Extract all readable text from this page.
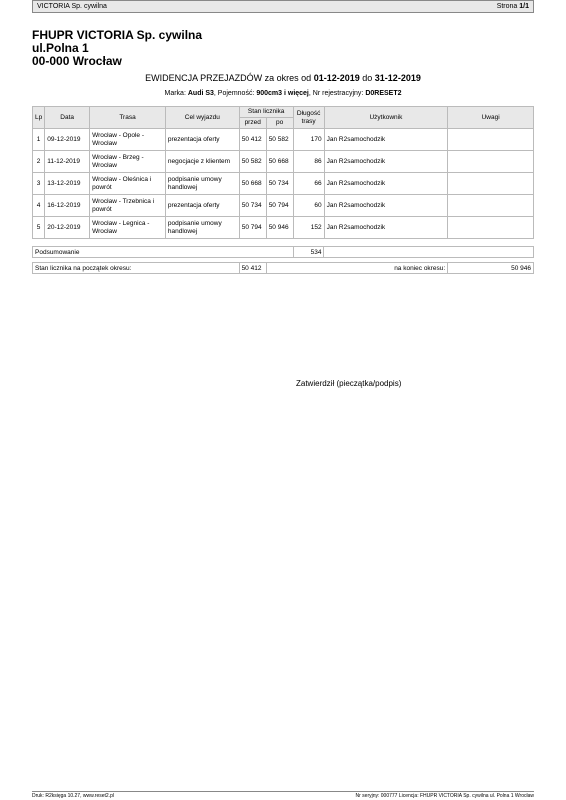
VICTORIA Sp. cywilna	Strona 1/1
FHUPR VICTORIA Sp. cywilna
ul.Polna 1
00-000 Wrocław
EWIDENCJA PRZEJAZDÓW za okres od 01-12-2019 do 31-12-2019
Marka: Audi S3, Pojemność: 900cm3 i więcej, Nr rejestracyjny: D0RESET2
Lp	Data	Trasa	Cel wyjazdu	Stan licznika		Długość trasy	Użytkownik	Uwagi
				przed	po			
1	09-12-2019	Wrocław - Opole - Wrocław	prezentacja oferty	50 412	50 582	170	Jan R2samochodzik	
2	11-12-2019	Wrocław - Brzeg - Wrocław	negocjacje z klientem	50 582	50 668	86	Jan R2samochodzik	
3	13-12-2019	Wrocław - Oleśnica i powrót	podpisanie umowy handlowej	50 668	50 734	66	Jan R2samochodzik	
4	16-12-2019	Wrocław - Trzebnica i powrót	prezentacja oferty	50 734	50 794	60	Jan R2samochodzik	
5	20-12-2019	Wrocław - Legnica - Wrocław	podpisanie umowy handlowej	50 794	50 946	152	Jan R2samochodzik	
Podsumowanie	534	
Stan licznika na początek okresu:	50 412	na koniec okresu:	50 946
Zatwierdził (pieczątka/podpis)
Druk: R2księga 10.27, www.reset2.pl	Nr seryjny: 000777 Licencja: FHUPR VICTORIA Sp. cywilna ul. Polna 1 Wrocław
